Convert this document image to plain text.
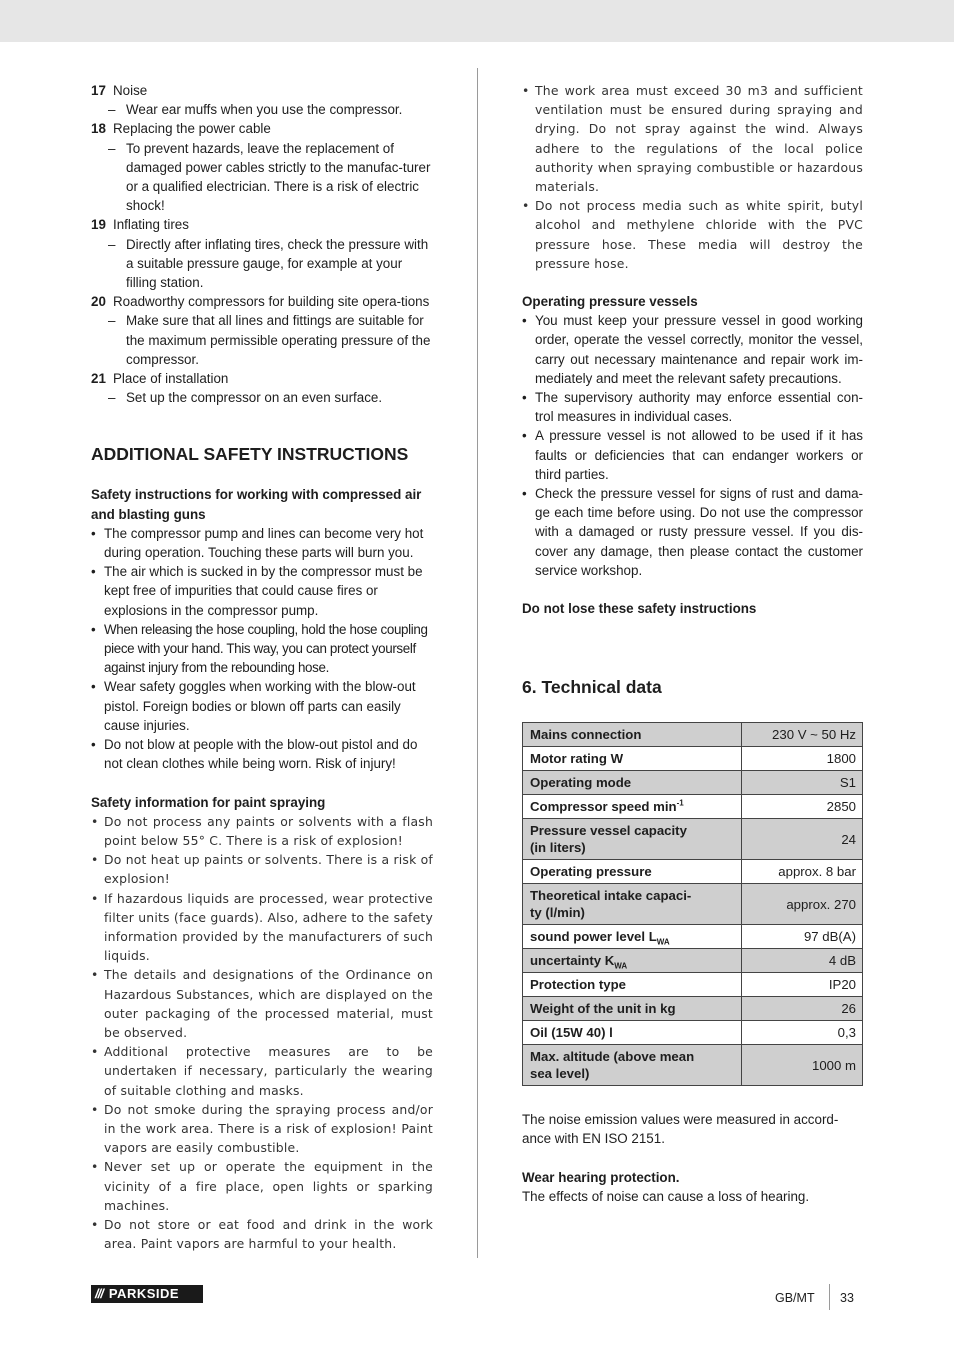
17 Noise
– Wear ear muffs when you use the compressor.
18 Replacing the power cable
– To prevent hazards, leave the replacement of damaged power cables strictly to the manufac-turer or a qualified electrician. There is a risk of electric shock!
19 Inflating tires
– Directly after inflating tires, check the pressure with a suitable pressure gauge, for example at your filling station.
20 Roadworthy compressors for building site opera-tions
– Make sure that all lines and fittings are suitable for the maximum permissible operating pressure of the compressor.
21 Place of installation
– Set up the compressor on an even surface.
ADDITIONAL SAFETY INSTRUCTIONS
Safety instructions for working with compressed air and blasting guns
• The compressor pump and lines can become very hot during operation. Touching these parts will burn you.
• The air which is sucked in by the compressor must be kept free of impurities that could cause fires or explosions in the compressor pump.
• When releasing the hose coupling, hold the hose coupling piece with your hand. This way, you can protect yourself against injury from the rebounding hose.
• Wear safety goggles when working with the blow-out pistol. Foreign bodies or blown off parts can easily cause injuries.
• Do not blow at people with the blow-out pistol and do not clean clothes while being worn. Risk of injury!
Safety information for paint spraying
• Do not process any paints or solvents with a flash point below 55° C. There is a risk of explosion!
• Do not heat up paints or solvents. There is a risk of explosion!
• If hazardous liquids are processed, wear protective filter units (face guards). Also, adhere to the safety information provided by the manufacturers of such liquids.
• The details and designations of the Ordinance on Hazardous Substances, which are displayed on the outer packaging of the processed material, must be observed.
• Additional protective measures are to be undertaken if necessary, particularly the wearing of suitable clothing and masks.
• Do not smoke during the spraying process and/or in the work area. There is a risk of explosion! Paint vapors are easily combustible.
• Never set up or operate the equipment in the vicinity of a fire place, open lights or sparking machines.
• Do not store or eat food and drink in the work area. Paint vapors are harmful to your health.
• The work area must exceed 30 m3 and sufficient ventilation must be ensured during spraying and drying. Do not spray against the wind. Always adhere to the regulations of the local police authority when spraying combustible or hazardous materials.
• Do not process media such as white spirit, butyl alcohol and methylene chloride with the PVC pressure hose. These media will destroy the pressure hose.
Operating pressure vessels
• You must keep your pressure vessel in good working order, operate the vessel correctly, monitor the vessel, carry out necessary maintenance and repair work im-mediately and meet the relevant safety precautions.
• The supervisory authority may enforce essential con-trol measures in individual cases.
• A pressure vessel is not allowed to be used if it has faults or deficiencies that can endanger workers or third parties.
• Check the pressure vessel for signs of rust and dama-ge each time before using. Do not use the compressor with a damaged or rusty pressure vessel. If you dis-cover any damage, then please contact the customer service workshop.
Do not lose these safety instructions
6. Technical data
Mains connection	230 V ~ 50 Hz
Motor rating W	1800
Operating mode	S1
Compressor speed $\min^{-1}$	2850
Pressure vessel capacity
(in liters)	24
Operating pressure	approx. 8 bar
Theoretical intake capaci-
ty (l/min)	approx. 270
sound power level $L_{WA}$	97 dB(A)
uncertainty $K_{WA}$	4 dB
Protection type	IP20
Weight of the unit in kg	26
Oil (15W 40) l	0,3
Max. altitude (above mean
sea level)	1000 m
The noise emission values were measured in accord-ance with EN ISO 2151.
Wear hearing protection.
The effects of noise can cause a loss of hearing.
/// PARKSIDE	GB/MT 33
